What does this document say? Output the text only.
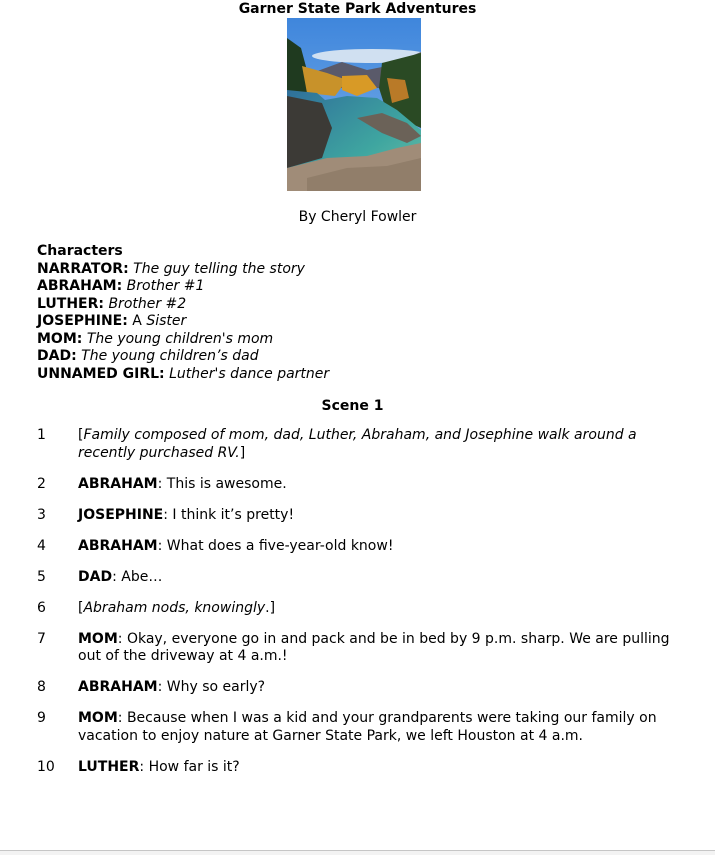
Garner State Park Adventures
By Cheryl Fowler
Characters
NARRATOR: The guy telling the story
ABRAHAM: Brother #1
LUTHER: Brother #2
JOSEPHINE: A Sister
MOM: The young children's mom
DAD: The young children’s dad
UNNAMED GIRL: Luther's dance partner
Scene 1
1	[Family composed of mom, dad, Luther, Abraham, and Josephine walk around a recently purchased RV.]
2	ABRAHAM: This is awesome.
3	JOSEPHINE: I think it’s pretty!
4	ABRAHAM: What does a five-year-old know!
5	DAD: Abe…
6	[Abraham nods, knowingly.]
7	MOM: Okay, everyone go in and pack and be in bed by 9 p.m. sharp. We are pulling out of the driveway at 4 a.m.!
8	ABRAHAM: Why so early?
9	MOM: Because when I was a kid and your grandparents were taking our family on vacation to enjoy nature at Garner State Park, we left Houston at 4 a.m.
10	LUTHER: How far is it?
